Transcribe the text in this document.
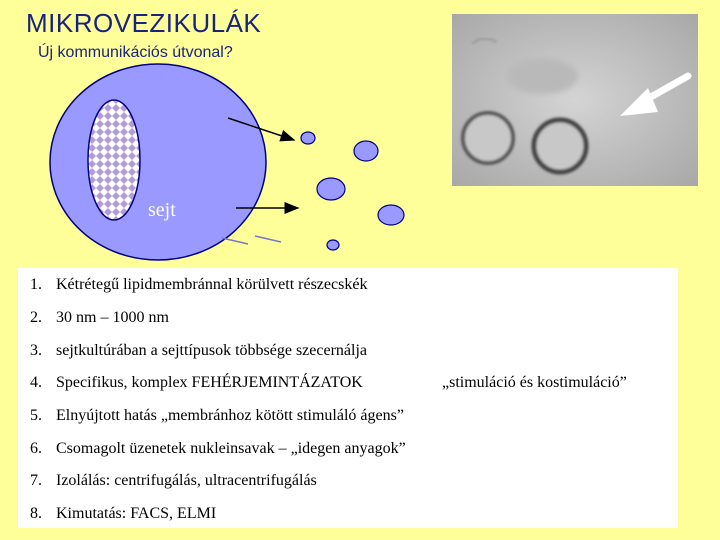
MIKROVEZIKULÁK
Új kommunikációs útvonal?
sejt
1. Kétrétegű lipidmembránnal körülvett részecskék
2. 30 nm – 1000 nm
3. sejtkultúrában a sejttípusok többsége szecernálja
4. Specifikus, komplex FEHÉRJEMINTÁZATOK	„stimuláció és kostimuláció”
5. Elnyújtott hatás „membránhoz kötött stimuláló ágens”
6. Csomagolt üzenetek nukleinsavak – „idegen anyagok”
7. Izolálás: centrifugálás, ultracentrifugálás
8. Kimutatás: FACS, ELMI
